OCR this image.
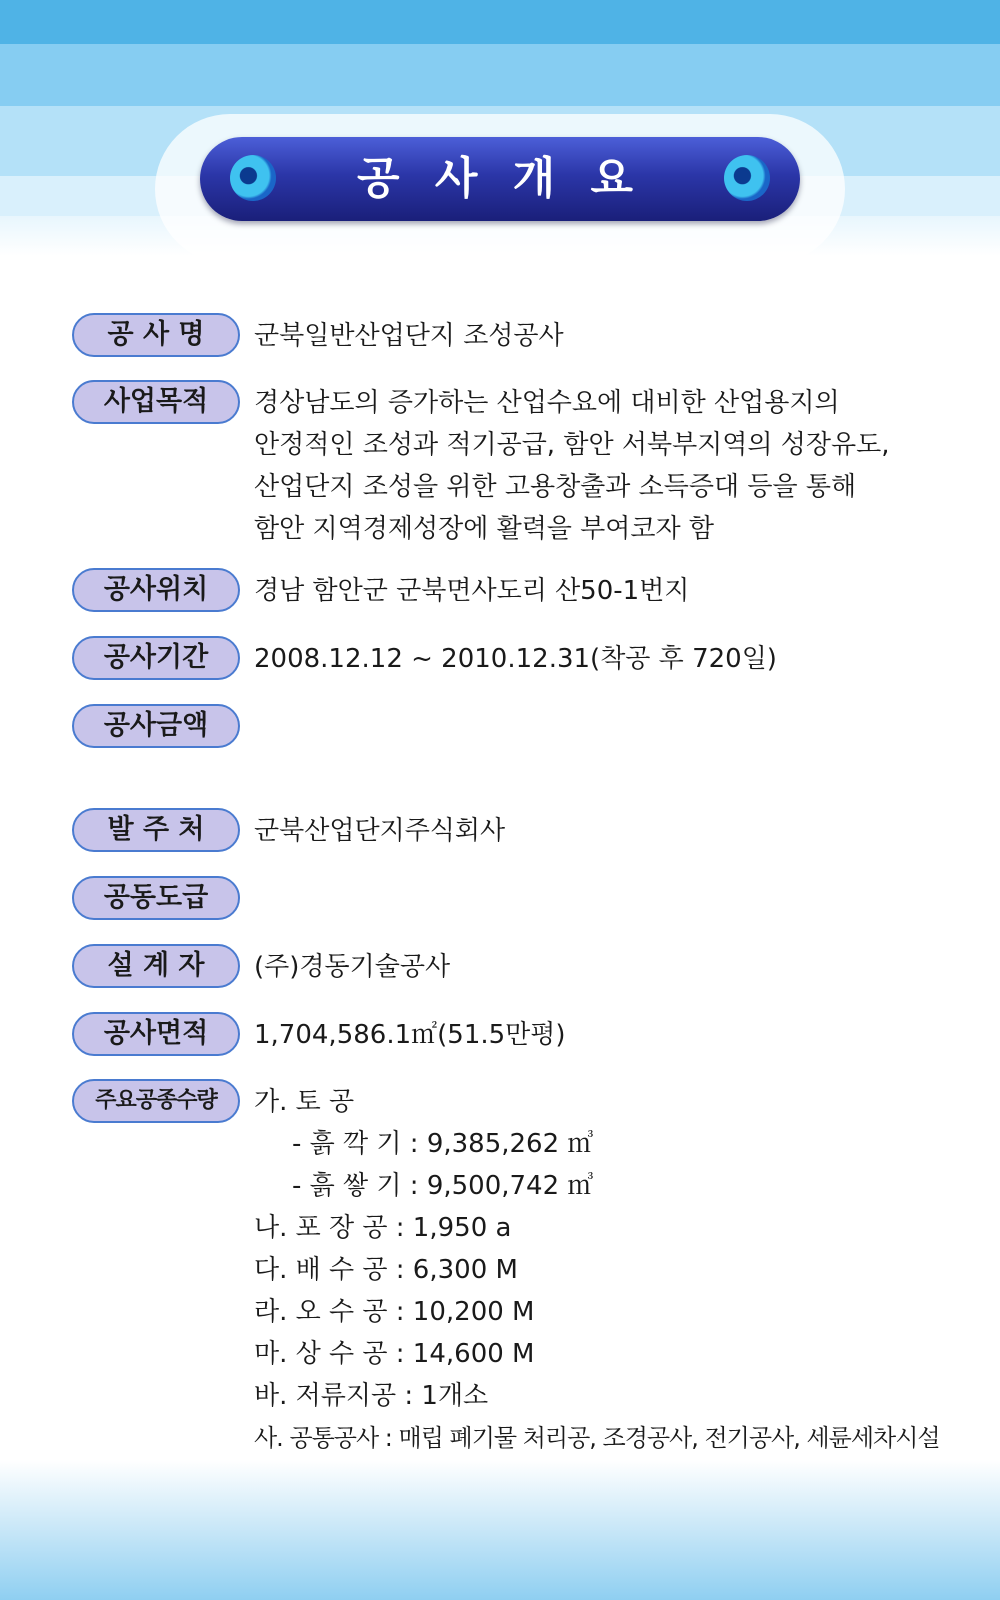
공 사 개 요
공 사 명	군북일반산업단지 조성공사
사업목적	경상남도의 증가하는 산업수요에 대비한 산업용지의
안정적인 조성과 적기공급, 함안 서북부지역의 성장유도,
산업단지 조성을 위한 고용창출과 소득증대 등을 통해
함안 지역경제성장에 활력을 부여코자 함
공사위치	경남 함안군 군북면사도리 산50-1번지
공사기간	2008.12.12 ~ 2010.12.31(착공 후 720일)
공사금액
발 주 처	군북산업단지주식회사
공동도급
설 계 자	(주)경동기술공사
공사면적	1,704,586.1㎡(51.5만평)
주요공종수량	가. 토 공
- 흙 깍 기 : 9,385,262 ㎥
- 흙 쌓 기 : 9,500,742 ㎥
나. 포 장 공 : 1,950 a
다. 배 수 공 : 6,300 M
라. 오 수 공 : 10,200 M
마. 상 수 공 : 14,600 M
바. 저류지공 : 1개소
사. 공통공사 : 매립 폐기물 처리공, 조경공사, 전기공사, 세륜세차시설
